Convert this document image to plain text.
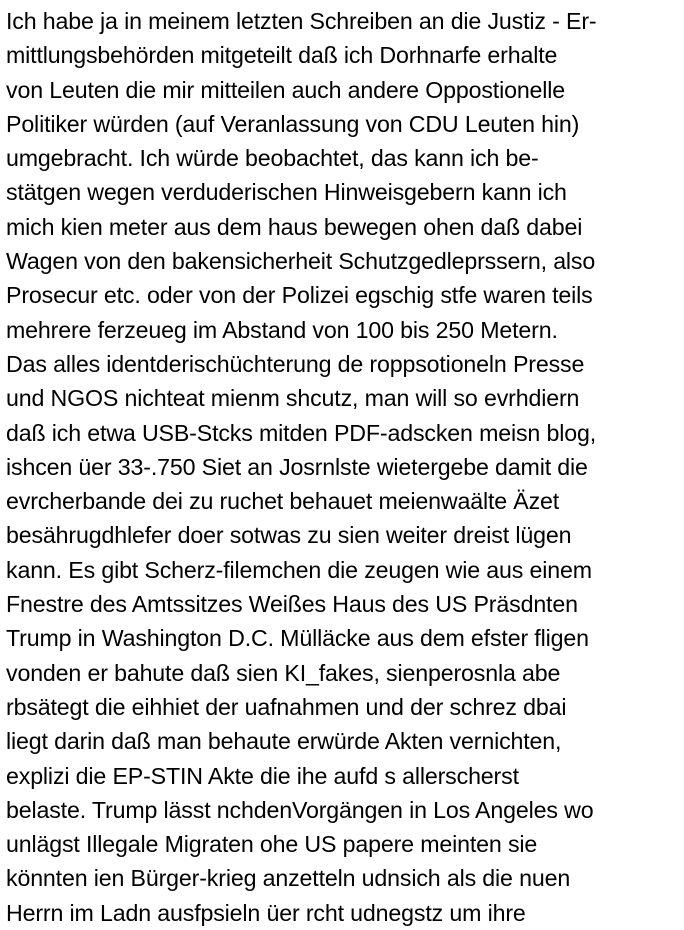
Ich habe ja in meinem letzten Schreiben an die Justiz - Er-
mittlungsbehörden mitgeteilt daß ich Dorhnarfe erhalte
von Leuten die mir mitteilen auch andere Oppostionelle
Politiker würden (auf Veranlassung von CDU Leuten hin)
umgebracht. Ich würde beobachtet, das kann ich be-
stätgen wegen verduderischen Hinweisgebern kann ich
mich kien meter aus dem haus bewegen ohen daß dabei
Wagen von den bakensicherheit Schutzgedleprssern, also
Prosecur etc. oder von der Polizei egschig stfe waren teils
mehrere ferzeueg im Abstand von 100 bis 250 Metern.
Das alles identderischüchterung de roppsotioneln Presse
und NGOS nichteat mienm shcutz, man will so evrhdiern
daß ich etwa USB-Stcks mitden PDF-adscken meisn blog,
ishcen üer 33-.750 Siet an Josrnlste wietergebe damit die
evrcherbande dei zu ruchet behauet meienwaälte Äzet
besährugdhlefer doer sotwas zu sien weiter dreist lügen
kann. Es gibt Scherz-filemchen die zeugen wie aus einem
Fnestre des Amtssitzes Weißes Haus des US Präsdnten
Trump in Washington D.C. Mülläcke aus dem efster fligen
vonden er bahute daß sien KI_fakes, sienperosnla abe
rbsätegt die eihhiet der uafnahmen und der schrez dbai
liegt darin daß man behaute erwürde Akten vernichten,
explizi die EP-STIN Akte die ihe aufd s allerscherst
belaste. Trump lässt nchdenVorgängen in Los Angeles wo
unlägst Illegale Migraten ohe US papere meinten sie
könnten ien Bürger-krieg anzetteln udnsich als die nuen
Herrn im Ladn ausfpsieln üer rcht udnegstz um ihre
